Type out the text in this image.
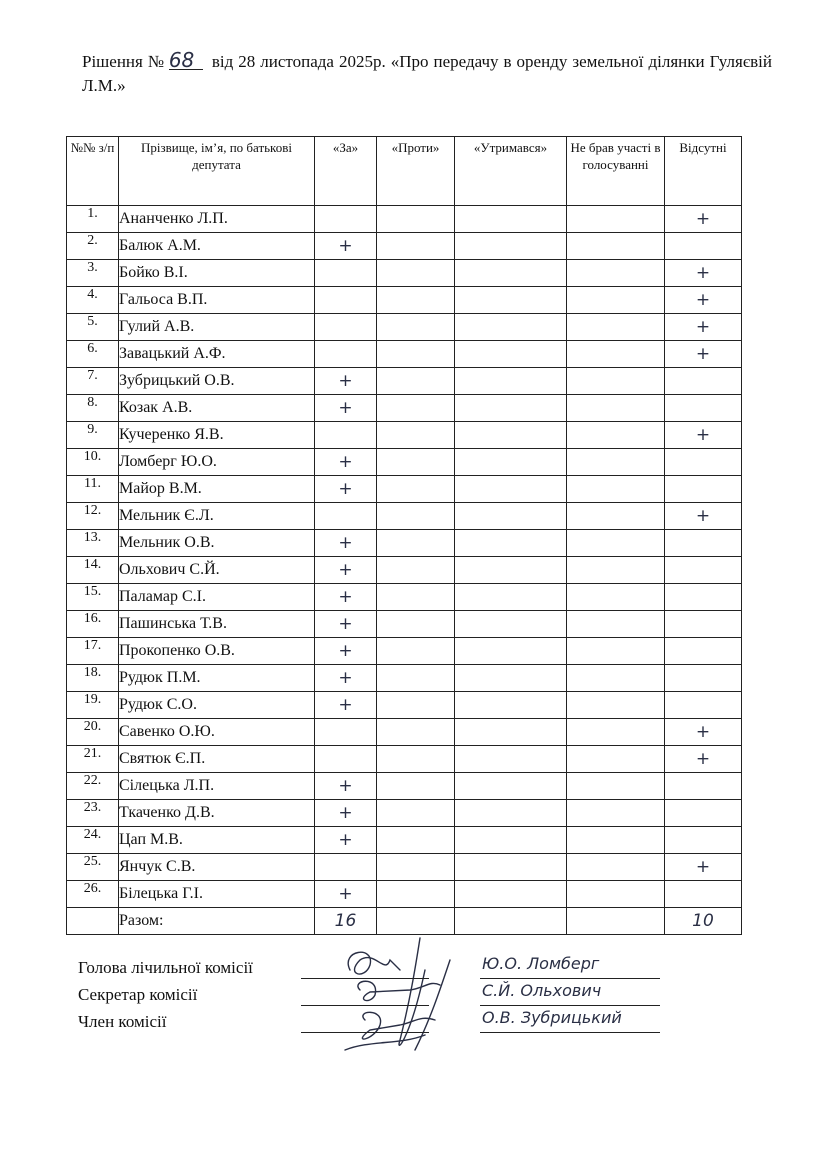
Рішення № 68 від 28 листопада 2025р. «Про передачу в оренду земельної ділянки Гуляєвій Л.М.»
№№ з/п	Прізвище, ім’я, по батькові депутата	«За»	«Проти»	«Утримався»	Не брав участі в голосуванні	Відсутні
1.	Ананченко Л.П.					+
2.	Балюк А.М.	+				
3.	Бойко В.І.					+
4.	Гальоса В.П.					+
5.	Гулий А.В.					+
6.	Завацький А.Ф.					+
7.	Зубрицький О.В.	+				
8.	Козак А.В.	+				
9.	Кучеренко Я.В.					+
10.	Ломберг Ю.О.	+				
11.	Майор В.М.	+				
12.	Мельник Є.Л.					+
13.	Мельник О.В.	+				
14.	Ольхович С.Й.	+				
15.	Паламар С.І.	+				
16.	Пашинська Т.В.	+				
17.	Прокопенко О.В.	+				
18.	Рудюк П.М.	+				
19.	Рудюк С.О.	+				
20.	Савенко О.Ю.					+
21.	Святюк Є.П.					+
22.	Сілецька Л.П.	+				
23.	Ткаченко Д.В.	+				
24.	Цап М.В.	+				
25.	Янчук С.В.					+
26.	Білецька Г.І.	+				
	Разом:	16				10
Голова лічильної комісії	Ю.О. Ломберг
Секретар комісії	С.Й. Ольхович
Член комісії	О.В. Зубрицький
